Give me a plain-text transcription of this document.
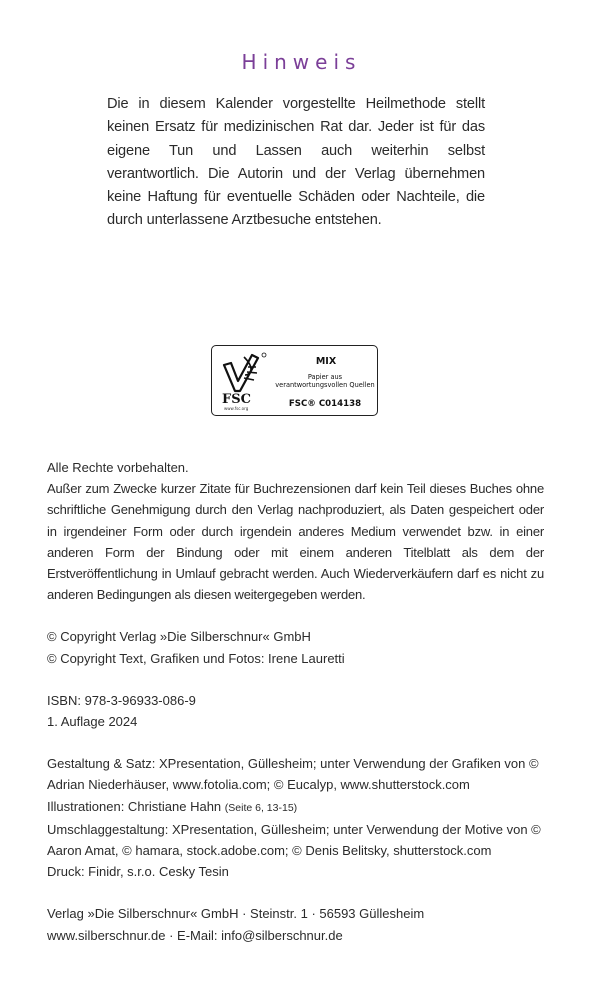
Hinweis

Die in diesem Kalender vorgestellte Heilmethode stellt keinen Ersatz für medizinischen Rat dar. Jeder ist für das eigene Tun und Lassen auch weiterhin selbst verantwortlich. Die Autorin und der Verlag übernehmen keine Haftung für eventuelle Schäden oder Nachteile, die durch unterlassene Arztbesuche entstehen.

FSC
www.fsc.org
MIX
Papier aus verantwortungsvollen Quellen
FSC® C014138

Alle Rechte vorbehalten.

Außer zum Zwecke kurzer Zitate für Buchrezensionen darf kein Teil dieses Buches ohne schriftliche Genehmigung durch den Verlag nachproduziert, als Daten gespeichert oder in irgendeiner Form oder durch irgendein anderes Medium verwendet bzw. in einer anderen Form der Bindung oder mit einem anderen Titelblatt als dem der Erstveröffentlichung in Umlauf gebracht werden. Auch Wiederverkäufern darf es nicht zu anderen Bedingungen als diesen weitergegeben werden.

© Copyright Verlag »Die Silberschnur« GmbH

© Copyright Text, Grafiken und Fotos: Irene Lauretti

ISBN: 978-3-96933-086-9

1. Auflage 2024

Gestaltung & Satz: XPresentation, Güllesheim; unter Verwendung der Grafiken von © Adrian Niederhäuser, www.fotolia.com; © Eucalyp, www.shutterstock.com

Illustrationen: Christiane Hahn (Seite 6, 13-15)

Umschlaggestaltung: XPresentation, Güllesheim; unter Verwendung der Motive von © Aaron Amat, © hamara, stock.adobe.com; © Denis Belitsky, shutterstock.com

Druck: Finidr, s.r.o. Cesky Tesin

Verlag »Die Silberschnur« GmbH · Steinstr. 1 · 56593 Güllesheim

www.silberschnur.de · E-Mail: info@silberschnur.de
